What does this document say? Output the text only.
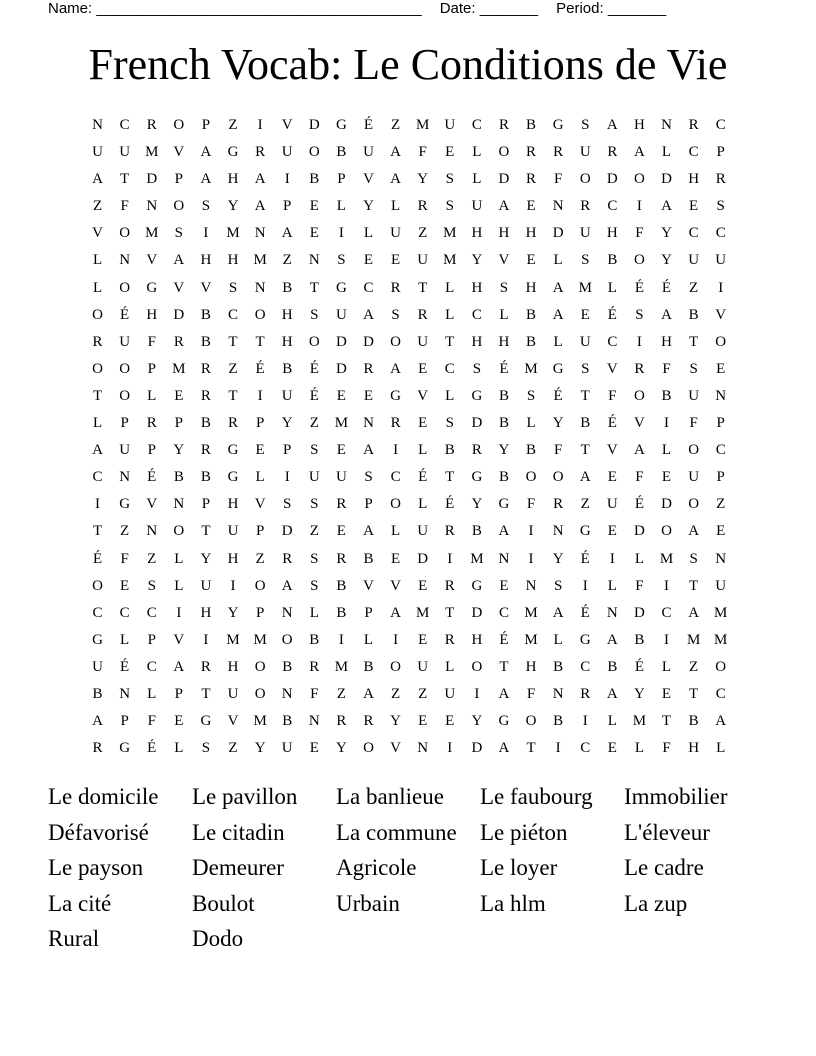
Name: _______________________________________ Date: _______ Period: _______
French Vocab: Le Conditions de Vie
N	C	R	O	P	Z	I	V	D	G	É	Z	M	U	C	R	B	G	S	A	H	N	R	C
U	U	M	V	A	G	R	U	O	B	U	A	F	E	L	O	R	R	U	R	A	L	C	P
A	T	D	P	A	H	A	I	B	P	V	A	Y	S	L	D	R	F	O	D	O	D	H	R
Z	F	N	O	S	Y	A	P	E	L	Y	L	R	S	U	A	E	N	R	C	I	A	E	S
V	O	M	S	I	M	N	A	E	I	L	U	Z	M	H	H	H	D	U	H	F	Y	C	C
L	N	V	A	H	H	M	Z	N	S	E	E	U	M	Y	V	E	L	S	B	O	Y	U	U
L	O	G	V	V	S	N	B	T	G	C	R	T	L	H	S	H	A	M	L	É	É	Z	I
O	É	H	D	B	C	O	H	S	U	A	S	R	L	C	L	B	A	E	É	S	A	B	V
R	U	F	R	B	T	T	H	O	D	D	O	U	T	H	H	B	L	U	C	I	H	T	O
O	O	P	M	R	Z	É	B	É	D	R	A	E	C	S	É	M	G	S	V	R	F	S	E
T	O	L	E	R	T	I	U	É	E	E	G	V	L	G	B	S	É	T	F	O	B	U	N
L	P	R	P	B	R	P	Y	Z	M	N	R	E	S	D	B	L	Y	B	É	V	I	F	P
A	U	P	Y	R	G	E	P	S	E	A	I	L	B	R	Y	B	F	T	V	A	L	O	C
C	N	É	B	B	G	L	I	U	U	S	C	É	T	G	B	O	O	A	E	F	E	U	P
I	G	V	N	P	H	V	S	S	R	P	O	L	É	Y	G	F	R	Z	U	É	D	O	Z
T	Z	N	O	T	U	P	D	Z	E	A	L	U	R	B	A	I	N	G	E	D	O	A	E
É	F	Z	L	Y	H	Z	R	S	R	B	E	D	I	M	N	I	Y	É	I	L	M	S	N
O	E	S	L	U	I	O	A	S	B	V	V	E	R	G	E	N	S	I	L	F	I	T	U
C	C	C	I	H	Y	P	N	L	B	P	A	M	T	D	C	M	A	É	N	D	C	A	M
G	L	P	V	I	M M	O	B	I	L	I	E	R	H	É	M	L	G	A	B	I	M M
U	É	C	A	R	H	O	B	R	M	B	O	U	L	O	T	H	B	C	B	É	L	Z	O
B	N	L	P	T	U	O	N	F	Z	A	Z	Z	U	I	A	F	N	R	A	Y	E	T	C
A	P	F	E	G	V	M	B	N	R	R	Y	E	E	Y	G	O	B	I	L	M	T	B	A
R	G	É	L	S	Z	Y	U	E	Y	O	V	N	I	D	A	T	I	C	E	L	F	H	L
Le domicile	Le pavillon	La banlieue	Le faubourg	Immobilier
Défavorisé	Le citadin	La commune	Le piéton	L'éleveur
Le payson	Demeurer	Agricole	Le loyer	Le cadre
La cité	Boulot	Urbain	La hlm	La zup
Rural	Dodo
